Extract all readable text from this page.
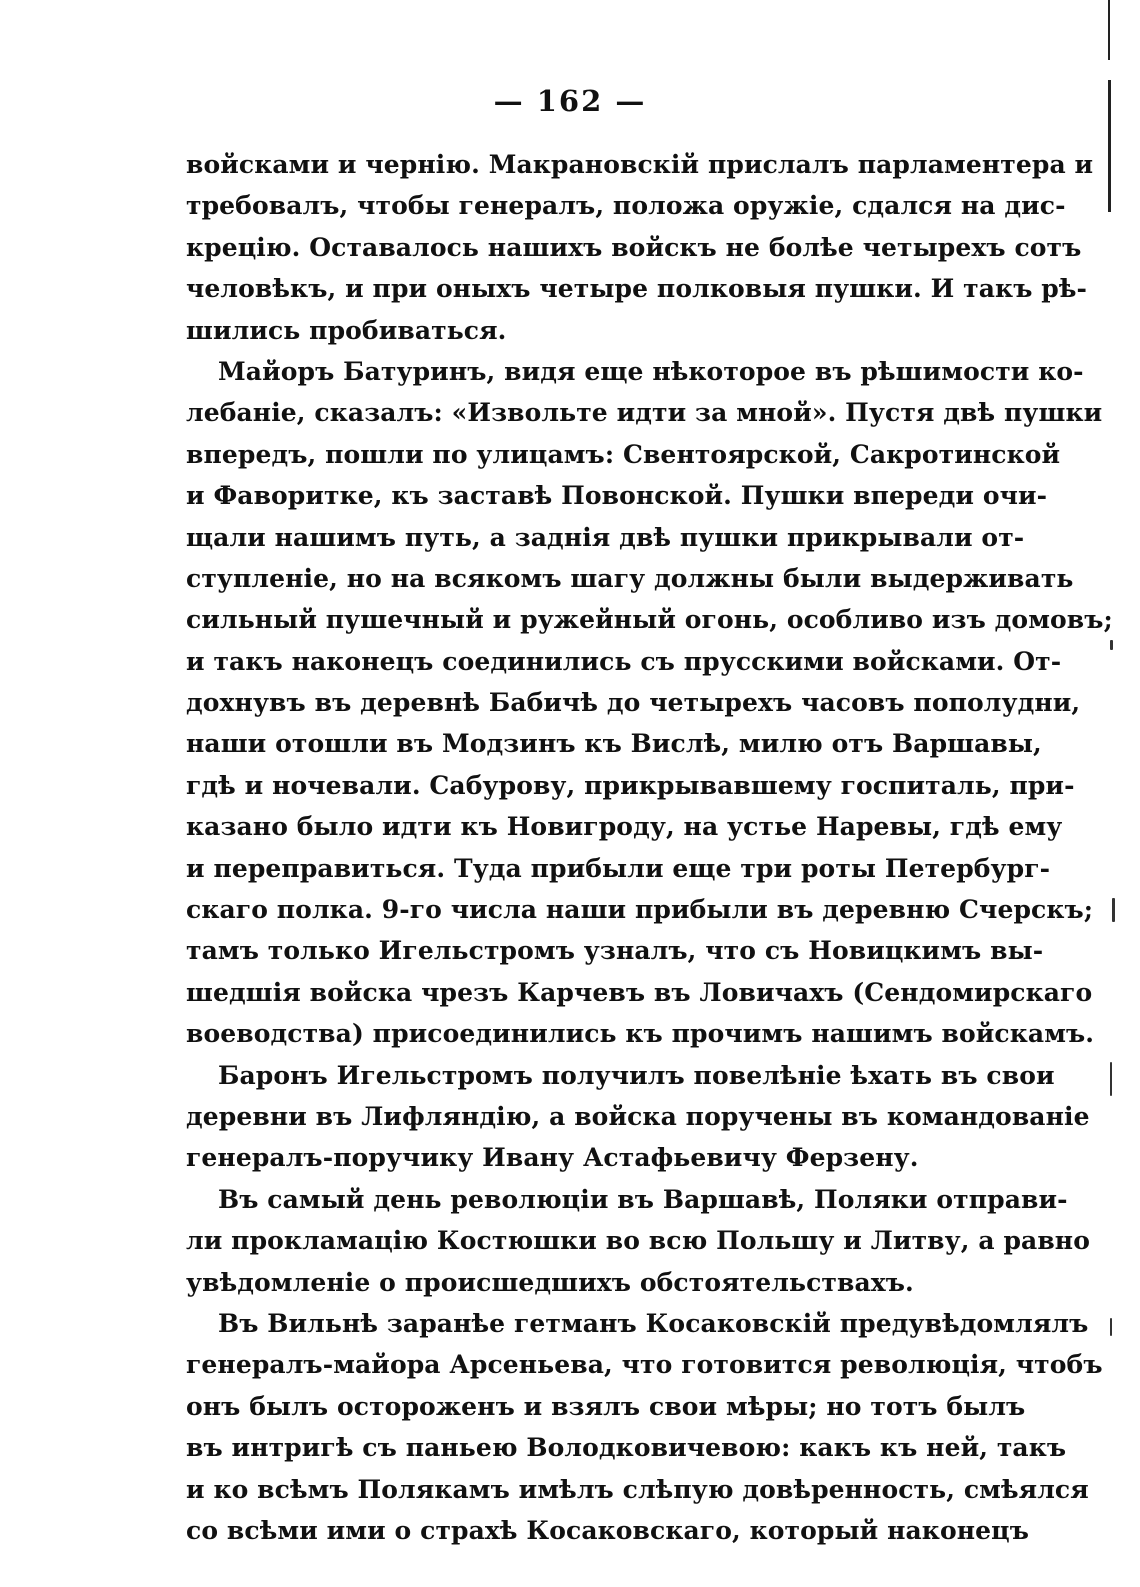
— 162 —
войсками и чернію. Макрановскій прислалъ парламентера и
требовалъ, чтобы генералъ, положа оружіе, сдался на дис-
крецію. Оставалось нашихъ войскъ не болѣе четырехъ сотъ
человѣкъ, и при оныхъ четыре полковыя пушки. И такъ рѣ-
шились пробиваться.
Майоръ Батуринъ, видя еще нѣкоторое въ рѣшимости ко-
лебаніе, сказалъ: «Извольте идти за мной». Пустя двѣ пушки
впередъ, пошли по улицамъ: Свентоярской, Сакротинской
и Фаворитке, къ заставѣ Повонской. Пушки впереди очи-
щали нашимъ путь, а заднія двѣ пушки прикрывали от-
ступленіе, но на всякомъ шагу должны были выдерживать
сильный пушечный и ружейный огонь, особливо изъ домовъ;
и такъ наконецъ соединились съ прусскими войсками. От-
дохнувъ въ деревнѣ Бабичѣ до четырехъ часовъ пополудни,
наши отошли въ Модзинъ къ Вислѣ, милю отъ Варшавы,
гдѣ и ночевали. Сабурову, прикрывавшему госпиталь, при-
казано было идти къ Новигроду, на устье Наревы, гдѣ ему
и переправиться. Туда прибыли еще три роты Петербург-
скаго полка. 9-го числа наши прибыли въ деревню Счерскъ;
тамъ только Игельстромъ узналъ, что съ Новицкимъ вы-
шедшія войска чрезъ Карчевъ въ Ловичахъ (Сендомирскаго
воеводства) присоединились къ прочимъ нашимъ войскамъ.
Баронъ Игельстромъ получилъ повелѣніе ѣхать въ свои
деревни въ Лифляндію, а войска поручены въ командованіе
генералъ-поручику Ивану Астафьевичу Ферзену.
Въ самый день революціи въ Варшавѣ, Поляки отправи-
ли прокламацію Костюшки во всю Польшу и Литву, а равно
увѣдомленіе о происшедшихъ обстоятельствахъ.
Въ Вильнѣ заранѣе гетманъ Косаковскій предувѣдомлялъ
генералъ-майора Арсеньева, что готовится революція, чтобъ
онъ былъ остороженъ и взялъ свои мѣры; но тотъ былъ
въ интригѣ съ паньею Володковичевою: какъ къ ней, такъ
и ко всѣмъ Полякамъ имѣлъ слѣпую довѣренность, смѣялся
со всѣми ими о страхѣ Косаковскаго, который наконецъ
